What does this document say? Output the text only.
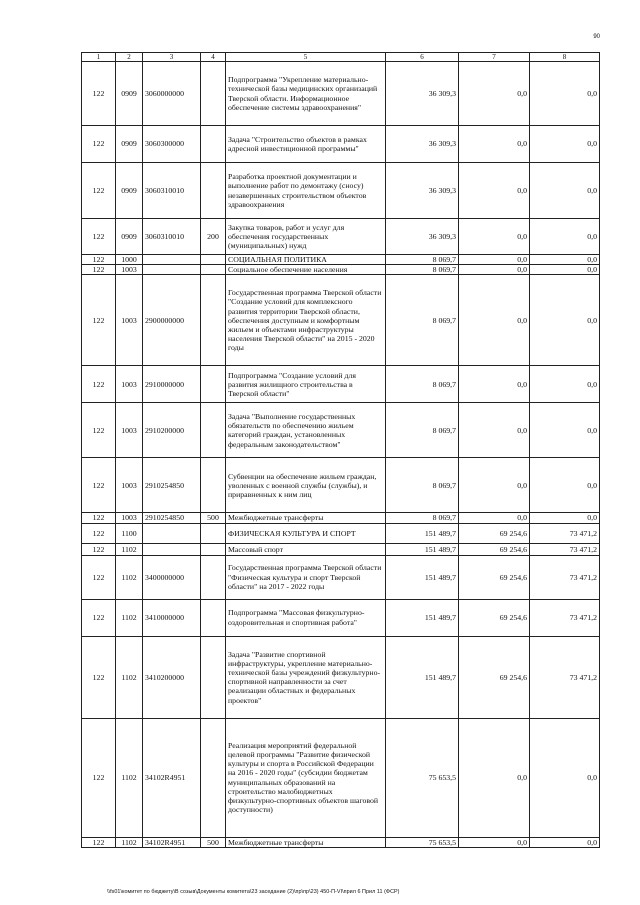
90
1	2	3	4	5	6	7	8
122	0909	3060000000		Подпрограмма "Укрепление материально-технической базы медицинских организаций Тверской области. Информационное обеспечение системы здравоохранения"	36 309,3	0,0	0,0
122	0909	3060300000		Задача "Строительство объектов в рамках адресной инвестиционной программы"	36 309,3	0,0	0,0
122	0909	3060310010		Разработка проектной документации и выполнение работ по демонтажу (сносу) незавершенных строительством объектов здравоохранения	36 309,3	0,0	0,0
122	0909	3060310010	200	Закупка товаров, работ и услуг для обеспечения государственных (муниципальных) нужд	36 309,3	0,0	0,0
122	1000			СОЦИАЛЬНАЯ ПОЛИТИКА	8 069,7	0,0	0,0
122	1003			Социальное обеспечение населения	8 069,7	0,0	0,0
122	1003	2900000000		Государственная программа Тверской области "Создание условий для комплексного развития территории Тверской области, обеспечения доступным и комфортным жильем и объектами инфраструктуры населения Тверской области" на 2015 - 2020 годы	8 069,7	0,0	0,0
122	1003	2910000000		Подпрограмма "Создание условий для развития жилищного строительства в Тверской области"	8 069,7	0,0	0,0
122	1003	2910200000		Задача "Выполнение государственных обязательств по обеспечению жильем категорий граждан, установленных федеральным законодательством"	8 069,7	0,0	0,0
122	1003	2910254850		Субвенции на обеспечение жильем граждан, уволенных с военной службы (службы), и приравненных к ним лиц	8 069,7	0,0	0,0
122	1003	2910254850	500	Межбюджетные трансферты	8 069,7	0,0	0,0
122	1100			ФИЗИЧЕСКАЯ КУЛЬТУРА И СПОРТ	151 489,7	69 254,6	73 471,2
122	1102			Массовый спорт	151 489,7	69 254,6	73 471,2
122	1102	3400000000		Государственная программа Тверской области "Физическая культура и спорт Тверской области" на 2017 - 2022 годы	151 489,7	69 254,6	73 471,2
122	1102	3410000000		Подпрограмма "Массовая физкультурно-оздоровительная и спортивная работа"	151 489,7	69 254,6	73 471,2
122	1102	3410200000		Задача "Развитие спортивной инфраструктуры, укрепление материально-технической базы учреждений физкультурно-спортивной направленности за счет реализации областных и федеральных проектов"	151 489,7	69 254,6	73 471,2
122	1102	34102R4951		Реализация мероприятий федеральной целевой программы "Развитие физической культуры и спорта в Российской Федерации на 2016 - 2020 годы" (субсидии бюджетам муниципальных образований на строительство малобюджетных физкультурно-спортивных объектов шаговой доступности)	75 653,5	0,0	0,0
122	1102	34102R4951	500	Межбюджетные трансферты	75 653,5	0,0	0,0
\\fs01\комитет по бюджету\В созыв\Документы комитета\23 заседание (2)\пр\пр\23) 450-П-VI\прил 6 Прил 11 (ФСР)
